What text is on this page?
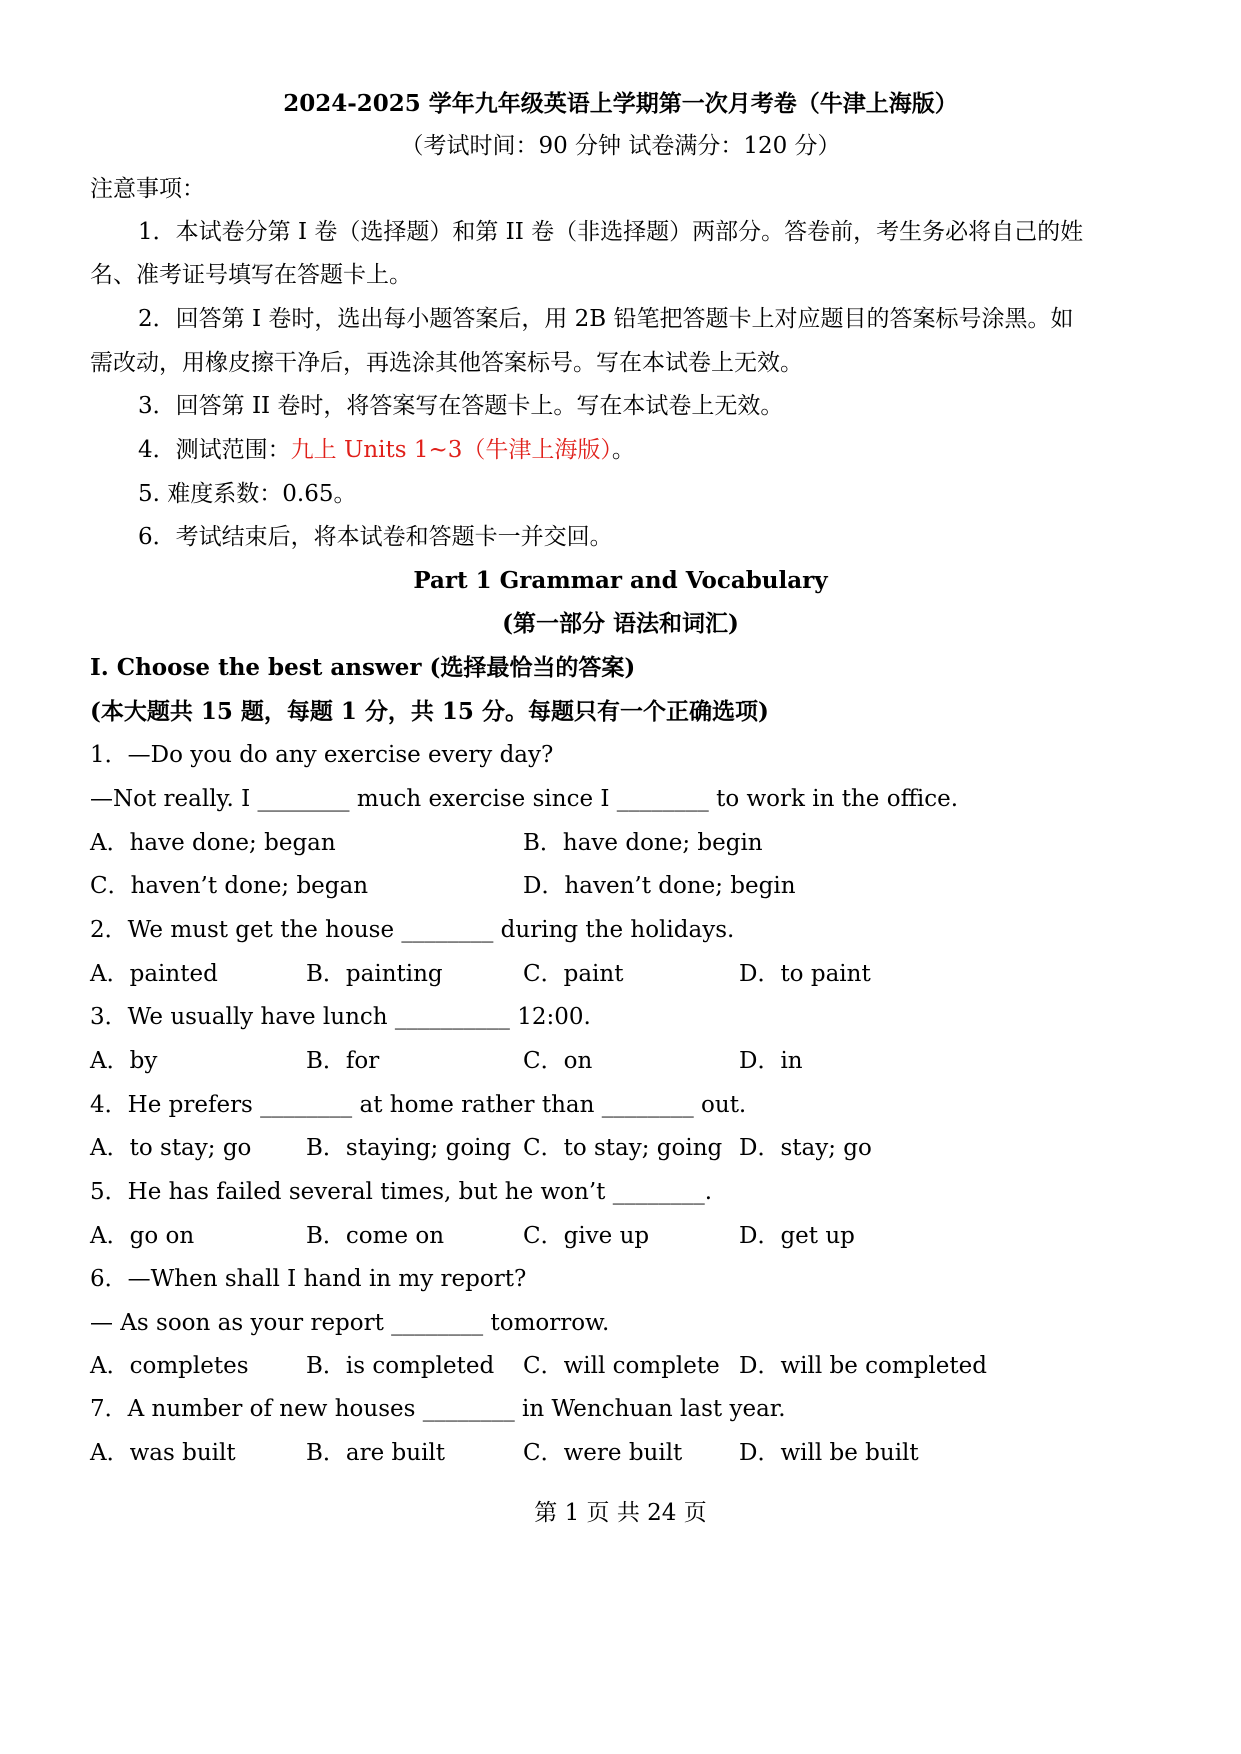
2024-2025 学年九年级英语上学期第一次月考卷（牛津上海版）
（考试时间：90 分钟 试卷满分：120 分）
注意事项：
1．本试卷分第 I 卷（选择题）和第 II 卷（非选择题）两部分。答卷前，考生务必将自己的姓
名、准考证号填写在答题卡上。
2．回答第 I 卷时，选出每小题答案后，用 2B 铅笔把答题卡上对应题目的答案标号涂黑。如
需改动，用橡皮擦干净后，再选涂其他答案标号。写在本试卷上无效。
3．回答第 II 卷时，将答案写在答题卡上。写在本试卷上无效。
4．测试范围：九上 Units 1~3（牛津上海版）。
5. 难度系数：0.65。
6．考试结束后，将本试卷和答题卡一并交回。
Part 1 Grammar and Vocabulary
(第一部分 语法和词汇)
I. Choose the best answer (选择最恰当的答案)
(本大题共 15 题，每题 1 分，共 15 分。每题只有一个正确选项)
1．—Do you do any exercise every day?
—Not really. I ________ much exercise since I ________ to work in the office.
A．have done; began	B．have done; begin
C．haven’t done; began	D．haven’t done; begin
2．We must get the house ________ during the holidays.
A．painted	B．painting	C．paint	D．to paint
3．We usually have lunch __________ 12:00.
A．by	B．for	C．on	D．in
4．He prefers ________ at home rather than ________ out.
A．to stay; go B．staying; going C．to stay; going D．stay; go
5．He has failed several times, but he won’t ________.
A．go on	B．come on	C．give up	D．get up
6．—When shall I hand in my report?
— As soon as your report ________ tomorrow.
A．completes	B．is completed C．will complete D．will be completed
7．A number of new houses ________ in Wenchuan last year.
A．was built	B．are built	C．were built D．will be built
第 1 页 共 24 页
